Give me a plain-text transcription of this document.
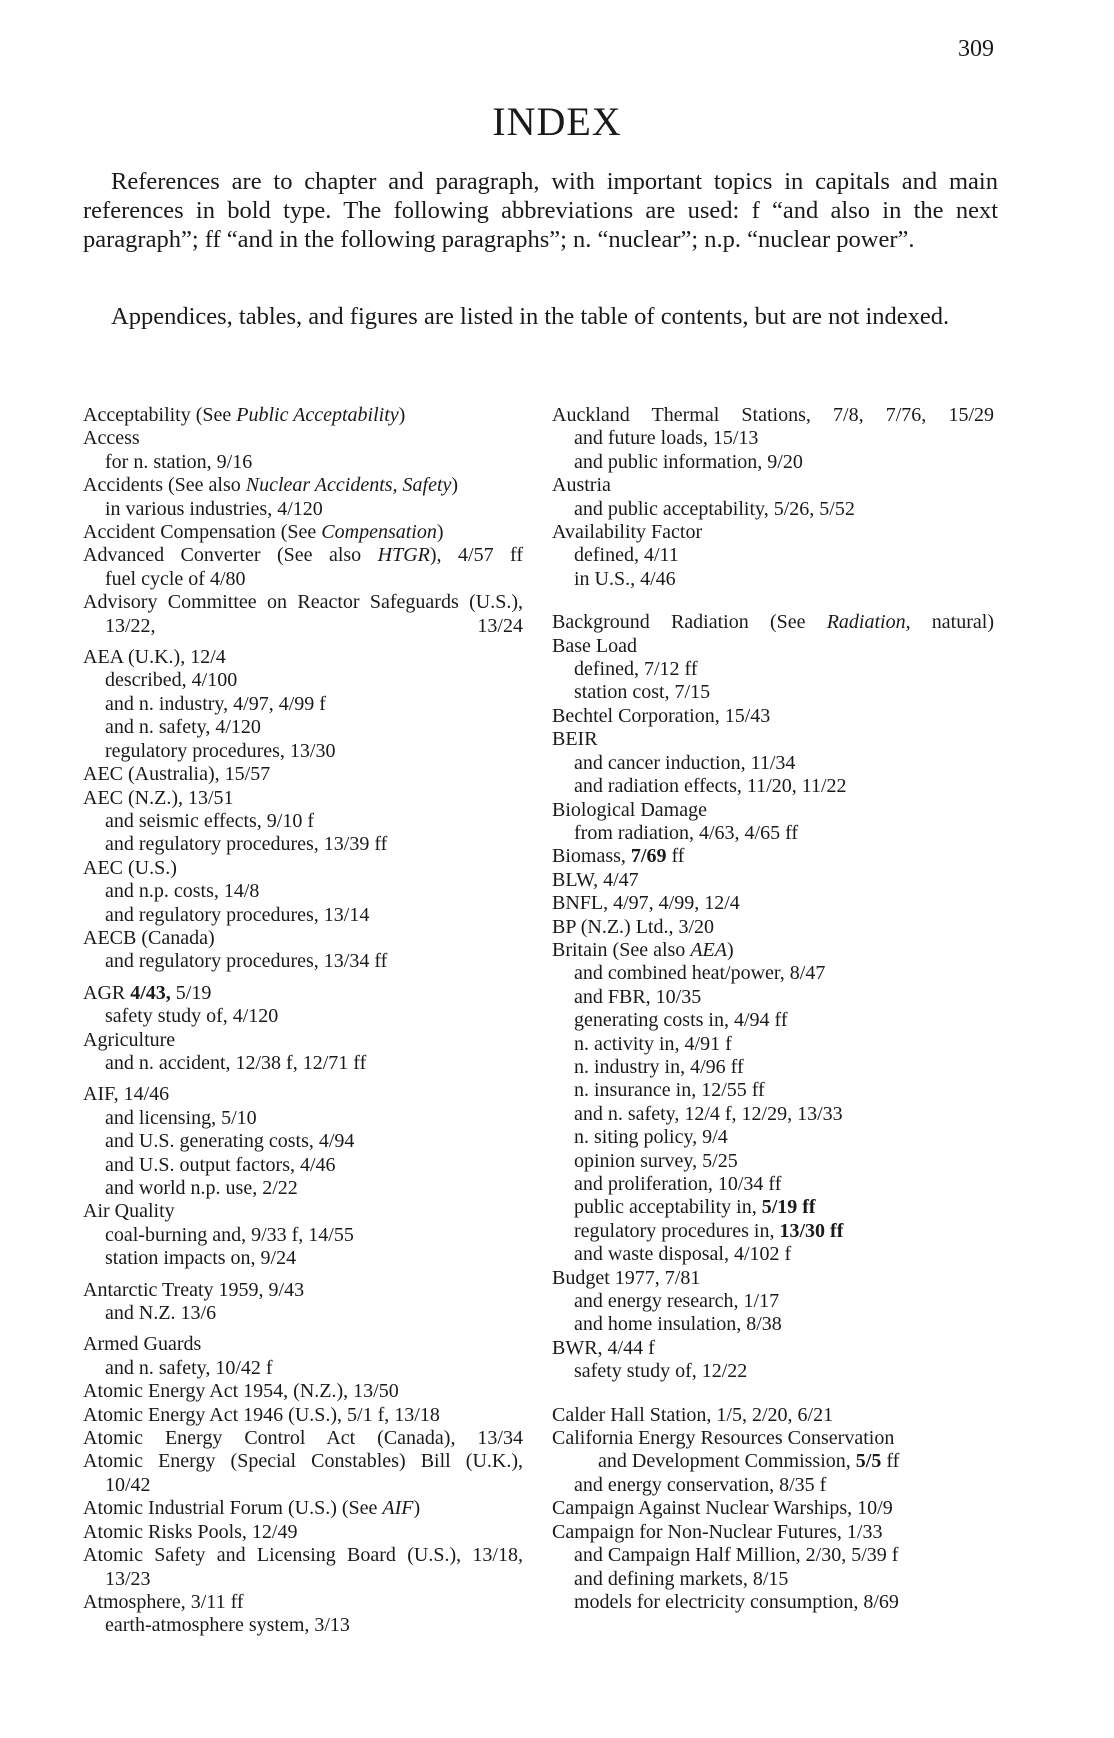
309
INDEX

References are to chapter and paragraph, with important topics in capitals and main references in bold type. The following abbreviations are used: f “and also in the next paragraph”; ff “and in the following paragraphs”; n. “nuclear”; n.p. “nuclear power”.

Appendices, tables, and figures are listed in the table of contents, but are not indexed.

Acceptability (See Public Acceptability)
Access
for n. station, 9/16
Accidents (See also Nuclear Accidents, Safety)
in various industries, 4/120
Accident Compensation (See Compensation)
Advanced Converter (See also HTGR), 4/57 ff
fuel cycle of 4/80
Advisory Committee on Reactor Safeguards (U.S.), 13/22, 13/24
AEA (U.K.), 12/4
described, 4/100
and n. industry, 4/97, 4/99 f
and n. safety, 4/120
regulatory procedures, 13/30
AEC (Australia), 15/57
AEC (N.Z.), 13/51
and seismic effects, 9/10 f
and regulatory procedures, 13/39 ff
AEC (U.S.)
and n.p. costs, 14/8
and regulatory procedures, 13/14
AECB (Canada)
and regulatory procedures, 13/34 ff
AGR 4/43, 5/19
safety study of, 4/120
Agriculture
and n. accident, 12/38 f, 12/71 ff
AIF, 14/46
and licensing, 5/10
and U.S. generating costs, 4/94
and U.S. output factors, 4/46
and world n.p. use, 2/22
Air Quality
coal-burning and, 9/33 f, 14/55
station impacts on, 9/24
Antarctic Treaty 1959, 9/43
and N.Z. 13/6
Armed Guards
and n. safety, 10/42 f
Atomic Energy Act 1954, (N.Z.), 13/50
Atomic Energy Act 1946 (U.S.), 5/1 f, 13/18
Atomic Energy Control Act (Canada), 13/34
Atomic Energy (Special Constables) Bill (U.K.), 10/42
Atomic Industrial Forum (U.S.) (See AIF)
Atomic Risks Pools, 12/49
Atomic Safety and Licensing Board (U.S.), 13/18, 13/23
Atmosphere, 3/11 ff
earth-atmosphere system, 3/13
Auckland Thermal Stations, 7/8, 7/76, 15/29
and future loads, 15/13
and public information, 9/20
Austria
and public acceptability, 5/26, 5/52
Availability Factor
defined, 4/11
in U.S., 4/46
Background Radiation (See Radiation, natural)
Base Load
defined, 7/12 ff
station cost, 7/15
Bechtel Corporation, 15/43
BEIR
and cancer induction, 11/34
and radiation effects, 11/20, 11/22
Biological Damage
from radiation, 4/63, 4/65 ff
Biomass, 7/69 ff
BLW, 4/47
BNFL, 4/97, 4/99, 12/4
BP (N.Z.) Ltd., 3/20
Britain (See also AEA)
and combined heat/power, 8/47
and FBR, 10/35
generating costs in, 4/94 ff
n. activity in, 4/91 f
n. industry in, 4/96 ff
n. insurance in, 12/55 ff
and n. safety, 12/4 f, 12/29, 13/33
n. siting policy, 9/4
opinion survey, 5/25
and proliferation, 10/34 ff
public acceptability in, 5/19 ff
regulatory procedures in, 13/30 ff
and waste disposal, 4/102 f
Budget 1977, 7/81
and energy research, 1/17
and home insulation, 8/38
BWR, 4/44 f
safety study of, 12/22
Calder Hall Station, 1/5, 2/20, 6/21
California Energy Resources Conservation
and Development Commission, 5/5 ff
and energy conservation, 8/35 f
Campaign Against Nuclear Warships, 10/9
Campaign for Non-Nuclear Futures, 1/33
and Campaign Half Million, 2/30, 5/39 f
and defining markets, 8/15
models for electricity consumption, 8/69
